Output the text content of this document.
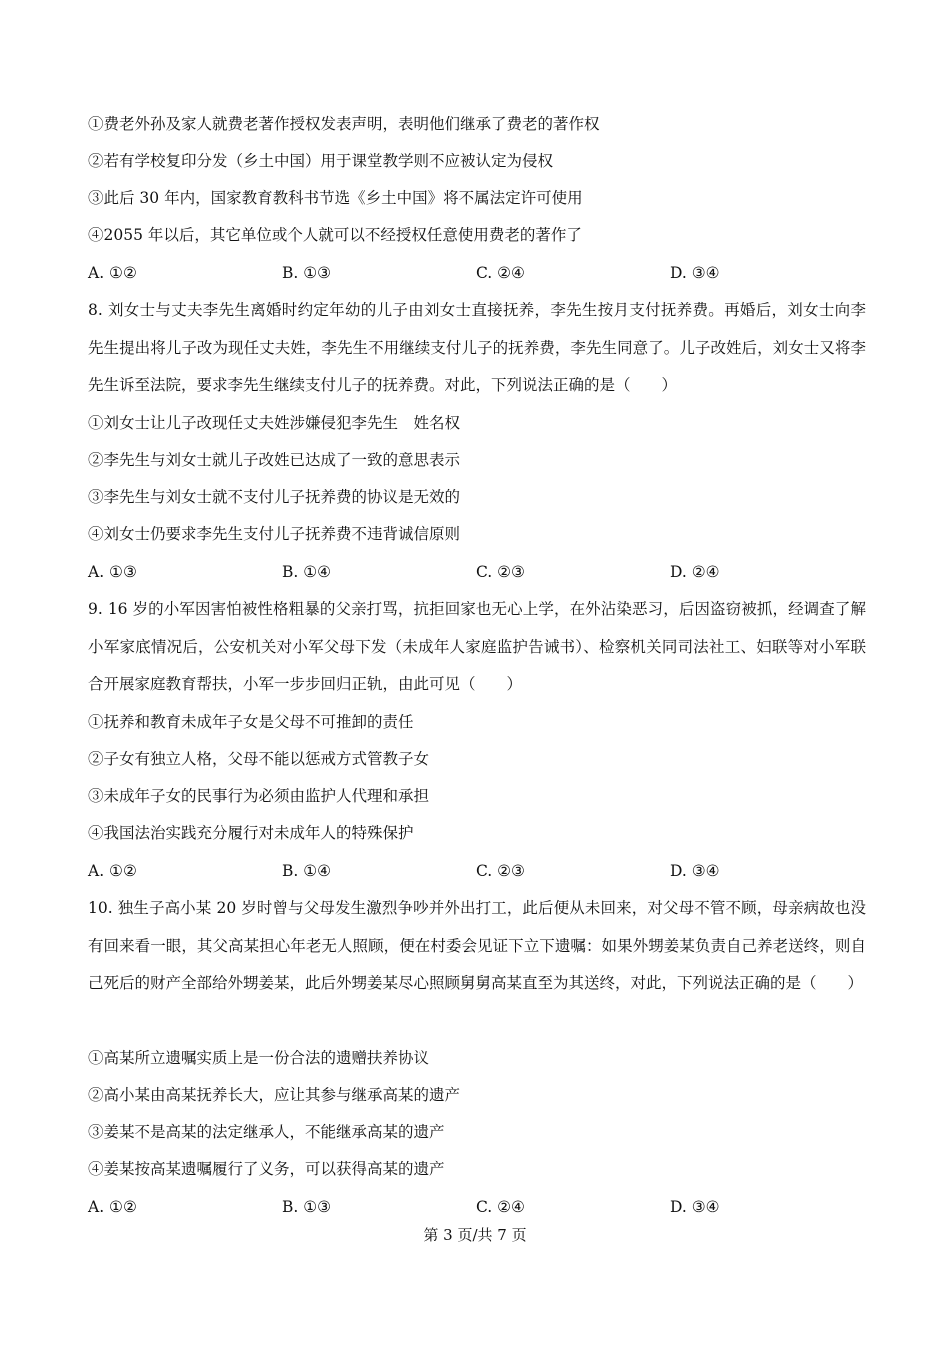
①费老外孙及家人就费老著作授权发表声明，表明他们继承了费老的著作权
②若有学校复印分发（乡土中国）用于课堂教学则不应被认定为侵权
③此后 30 年内，国家教育教科书节选《乡土中国》将不属法定许可使用
④2055 年以后，其它单位或个人就可以不经授权任意使用费老的著作了
A. ①②	B. ①③	C. ②④	D. ③④
8. 刘女士与丈夫李先生离婚时约定年幼的儿子由刘女士直接抚养，李先生按月支付抚养费。再婚后，刘女士向李先生提出将儿子改为现任丈夫姓，李先生不用继续支付儿子的抚养费，李先生同意了。儿子改姓后，刘女士又将李先生诉至法院，要求李先生继续支付儿子的抚养费。对此，下列说法正确的是（　　）
①刘女士让儿子改现任丈夫姓涉嫌侵犯李先生　姓名权
②李先生与刘女士就儿子改姓已达成了一致的意思表示
③李先生与刘女士就不支付儿子抚养费的协议是无效的
④刘女士仍要求李先生支付儿子抚养费不违背诚信原则
A. ①③	B. ①④	C. ②③	D. ②④
9. 16 岁的小军因害怕被性格粗暴的父亲打骂，抗拒回家也无心上学，在外沾染恶习，后因盗窃被抓，经调查了解小军家底情况后，公安机关对小军父母下发（未成年人家庭监护告诫书）、检察机关同司法社工、妇联等对小军联合开展家庭教育帮扶，小军一步步回归正轨，由此可见（　　）
①抚养和教育未成年子女是父母不可推卸的责任
②子女有独立人格，父母不能以惩戒方式管教子女
③未成年子女的民事行为必须由监护人代理和承担
④我国法治实践充分履行对未成年人的特殊保护
A. ①②	B. ①④	C. ②③	D. ③④
10. 独生子高小某 20 岁时曾与父母发生激烈争吵并外出打工，此后便从未回来，对父母不管不顾，母亲病故也没有回来看一眼，其父高某担心年老无人照顾，便在村委会见证下立下遗嘱：如果外甥姜某负责自己养老送终，则自己死后的财产全部给外甥姜某，此后外甥姜某尽心照顾舅舅高某直至为其送终，对此，下列说法正确的是（　　）
①高某所立遗嘱实质上是一份合法的遗赠扶养协议
②高小某由高某抚养长大，应让其参与继承高某的遗产
③姜某不是高某的法定继承人，不能继承高某的遗产
④姜某按高某遗嘱履行了义务，可以获得高某的遗产
A. ①②	B. ①③	C. ②④	D. ③④
第 3 页/共 7 页
